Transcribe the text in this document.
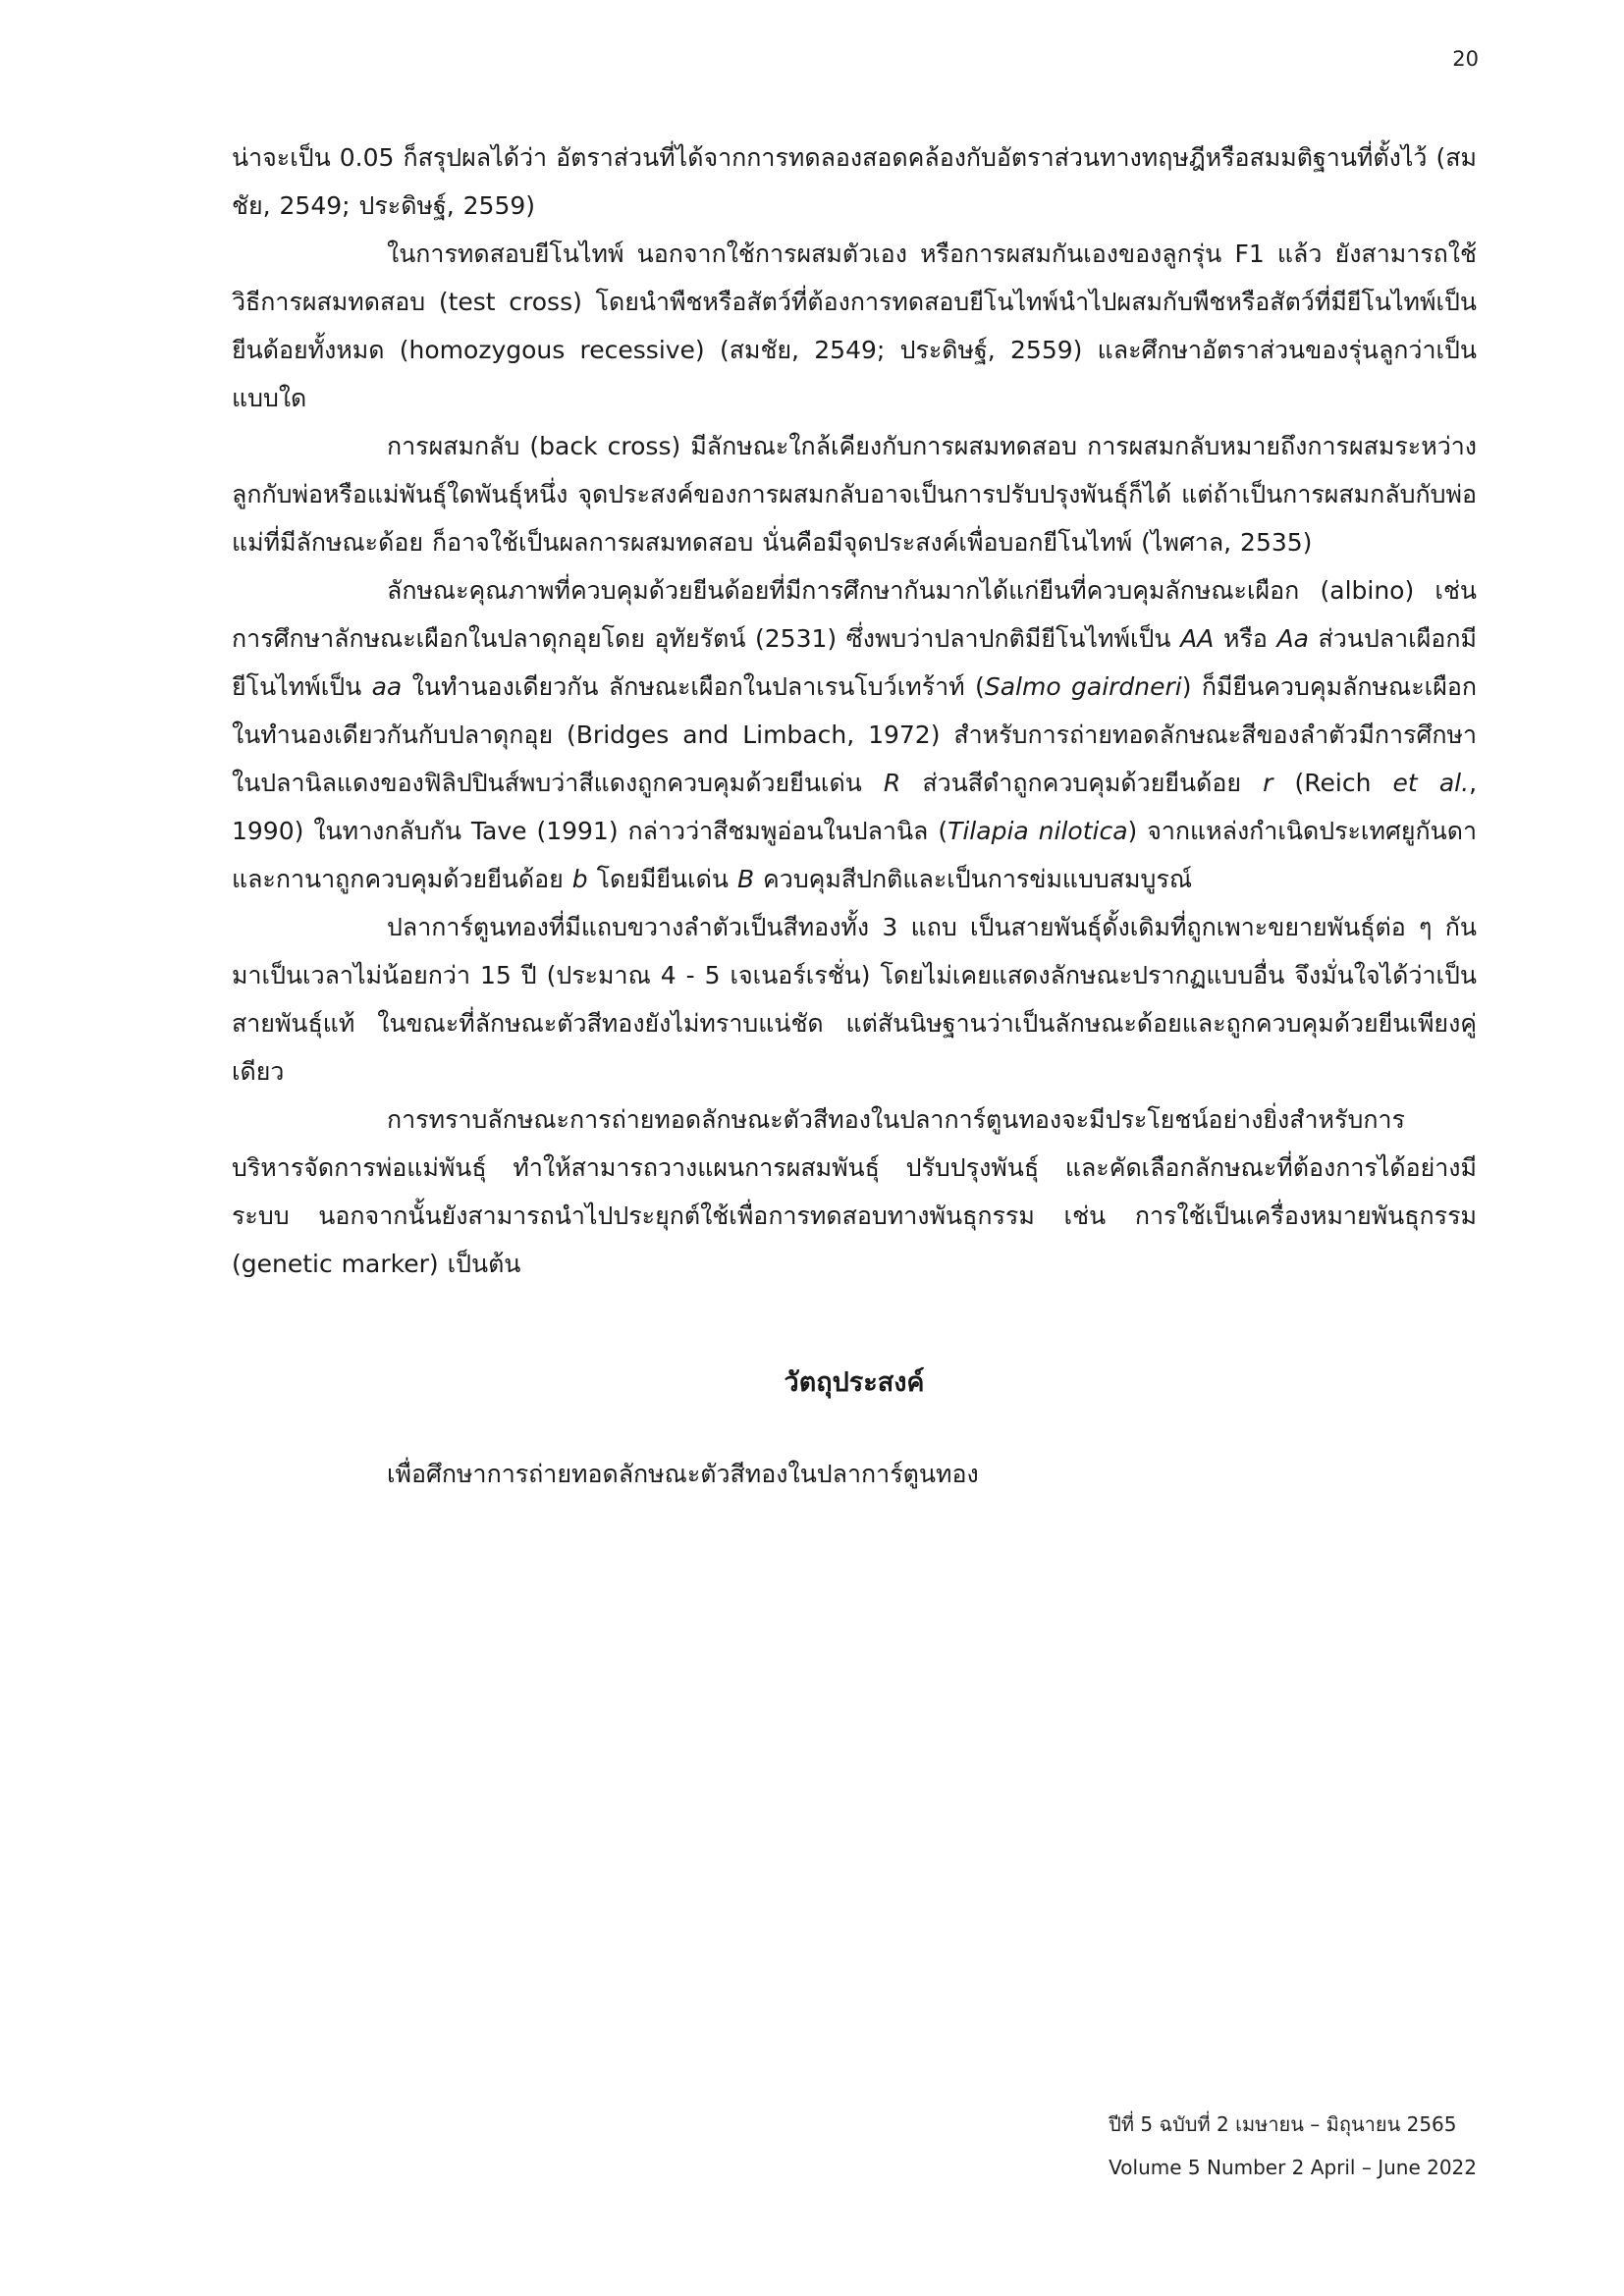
20

น่าจะเป็น 0.05 ก็สรุปผลได้ว่า อัตราส่วนที่ได้จากการทดลองสอดคล้องกับอัตราส่วนทางทฤษฎีหรือสมมติฐานที่ตั้งไว้ (สมชัย, 2549; ประดิษฐ์, 2559)

ในการทดสอบยีโนไทพ์ นอกจากใช้การผสมตัวเอง หรือการผสมกันเองของลูกรุ่น F1 แล้ว ยังสามารถใช้วิธีการผสมทดสอบ (test cross) โดยนำพืชหรือสัตว์ที่ต้องการทดสอบยีโนไทพ์นำไปผสมกับพืชหรือสัตว์ที่มียีโนไทพ์เป็นยีนด้อยทั้งหมด (homozygous recessive) (สมชัย, 2549; ประดิษฐ์, 2559) และศึกษาอัตราส่วนของรุ่นลูกว่าเป็นแบบใด

การผสมกลับ (back cross) มีลักษณะใกล้เคียงกับการผสมทดสอบ การผสมกลับหมายถึงการผสมระหว่างลูกกับพ่อหรือแม่พันธุ์ใดพันธุ์หนึ่ง จุดประสงค์ของการผสมกลับอาจเป็นการปรับปรุงพันธุ์ก็ได้ แต่ถ้าเป็นการผสมกลับกับพ่อแม่ที่มีลักษณะด้อย ก็อาจใช้เป็นผลการผสมทดสอบ นั่นคือมีจุดประสงค์เพื่อบอกยีโนไทพ์ (ไพศาล, 2535)

ลักษณะคุณภาพที่ควบคุมด้วยยีนด้อยที่มีการศึกษากันมากได้แก่ยีนที่ควบคุมลักษณะเผือก (albino) เช่น การศึกษาลักษณะเผือกในปลาดุกอุยโดย อุทัยรัตน์ (2531) ซึ่งพบว่าปลาปกติมียีโนไทพ์เป็น AA หรือ Aa ส่วนปลาเผือกมียีโนไทพ์เป็น aa ในทำนองเดียวกัน ลักษณะเผือกในปลาเรนโบว์เทร้าท์ (Salmo gairdneri) ก็มียีนควบคุมลักษณะเผือกในทำนองเดียวกันกับปลาดุกอุย (Bridges and Limbach, 1972) สำหรับการถ่ายทอดลักษณะสีของลำตัวมีการศึกษาในปลานิลแดงของฟิลิปปินส์พบว่าสีแดงถูกควบคุมด้วยยีนเด่น R ส่วนสีดำถูกควบคุมด้วยยีนด้อย r (Reich et al., 1990) ในทางกลับกัน Tave (1991) กล่าวว่าสีชมพูอ่อนในปลานิล (Tilapia nilotica) จากแหล่งกำเนิดประเทศยูกันดาและกานาถูกควบคุมด้วยยีนด้อย b โดยมียีนเด่น B ควบคุมสีปกติและเป็นการข่มแบบสมบูรณ์

ปลาการ์ตูนทองที่มีแถบขวางลำตัวเป็นสีทองทั้ง 3 แถบ เป็นสายพันธุ์ดั้งเดิมที่ถูกเพาะขยายพันธุ์ต่อ ๆ กันมาเป็นเวลาไม่น้อยกว่า 15 ปี (ประมาณ 4 - 5 เจเนอร์เรชั่น) โดยไม่เคยแสดงลักษณะปรากฏแบบอื่น จึงมั่นใจได้ว่าเป็นสายพันธุ์แท้ ในขณะที่ลักษณะตัวสีทองยังไม่ทราบแน่ชัด แต่สันนิษฐานว่าเป็นลักษณะด้อยและถูกควบคุมด้วยยีนเพียงคู่เดียว

การทราบลักษณะการถ่ายทอดลักษณะตัวสีทองในปลาการ์ตูนทองจะมีประโยชน์อย่างยิ่งสำหรับการบริหารจัดการพ่อแม่พันธุ์ ทำให้สามารถวางแผนการผสมพันธุ์ ปรับปรุงพันธุ์ และคัดเลือกลักษณะที่ต้องการได้อย่างมีระบบ นอกจากนั้นยังสามารถนำไปประยุกต์ใช้เพื่อการทดสอบทางพันธุกรรม เช่น การใช้เป็นเครื่องหมายพันธุกรรม (genetic marker) เป็นต้น

วัตถุประสงค์

เพื่อศึกษาการถ่ายทอดลักษณะตัวสีทองในปลาการ์ตูนทอง

ปีที่ 5 ฉบับที่ 2 เมษายน – มิถุนายน 2565
Volume 5 Number 2 April – June 2022
